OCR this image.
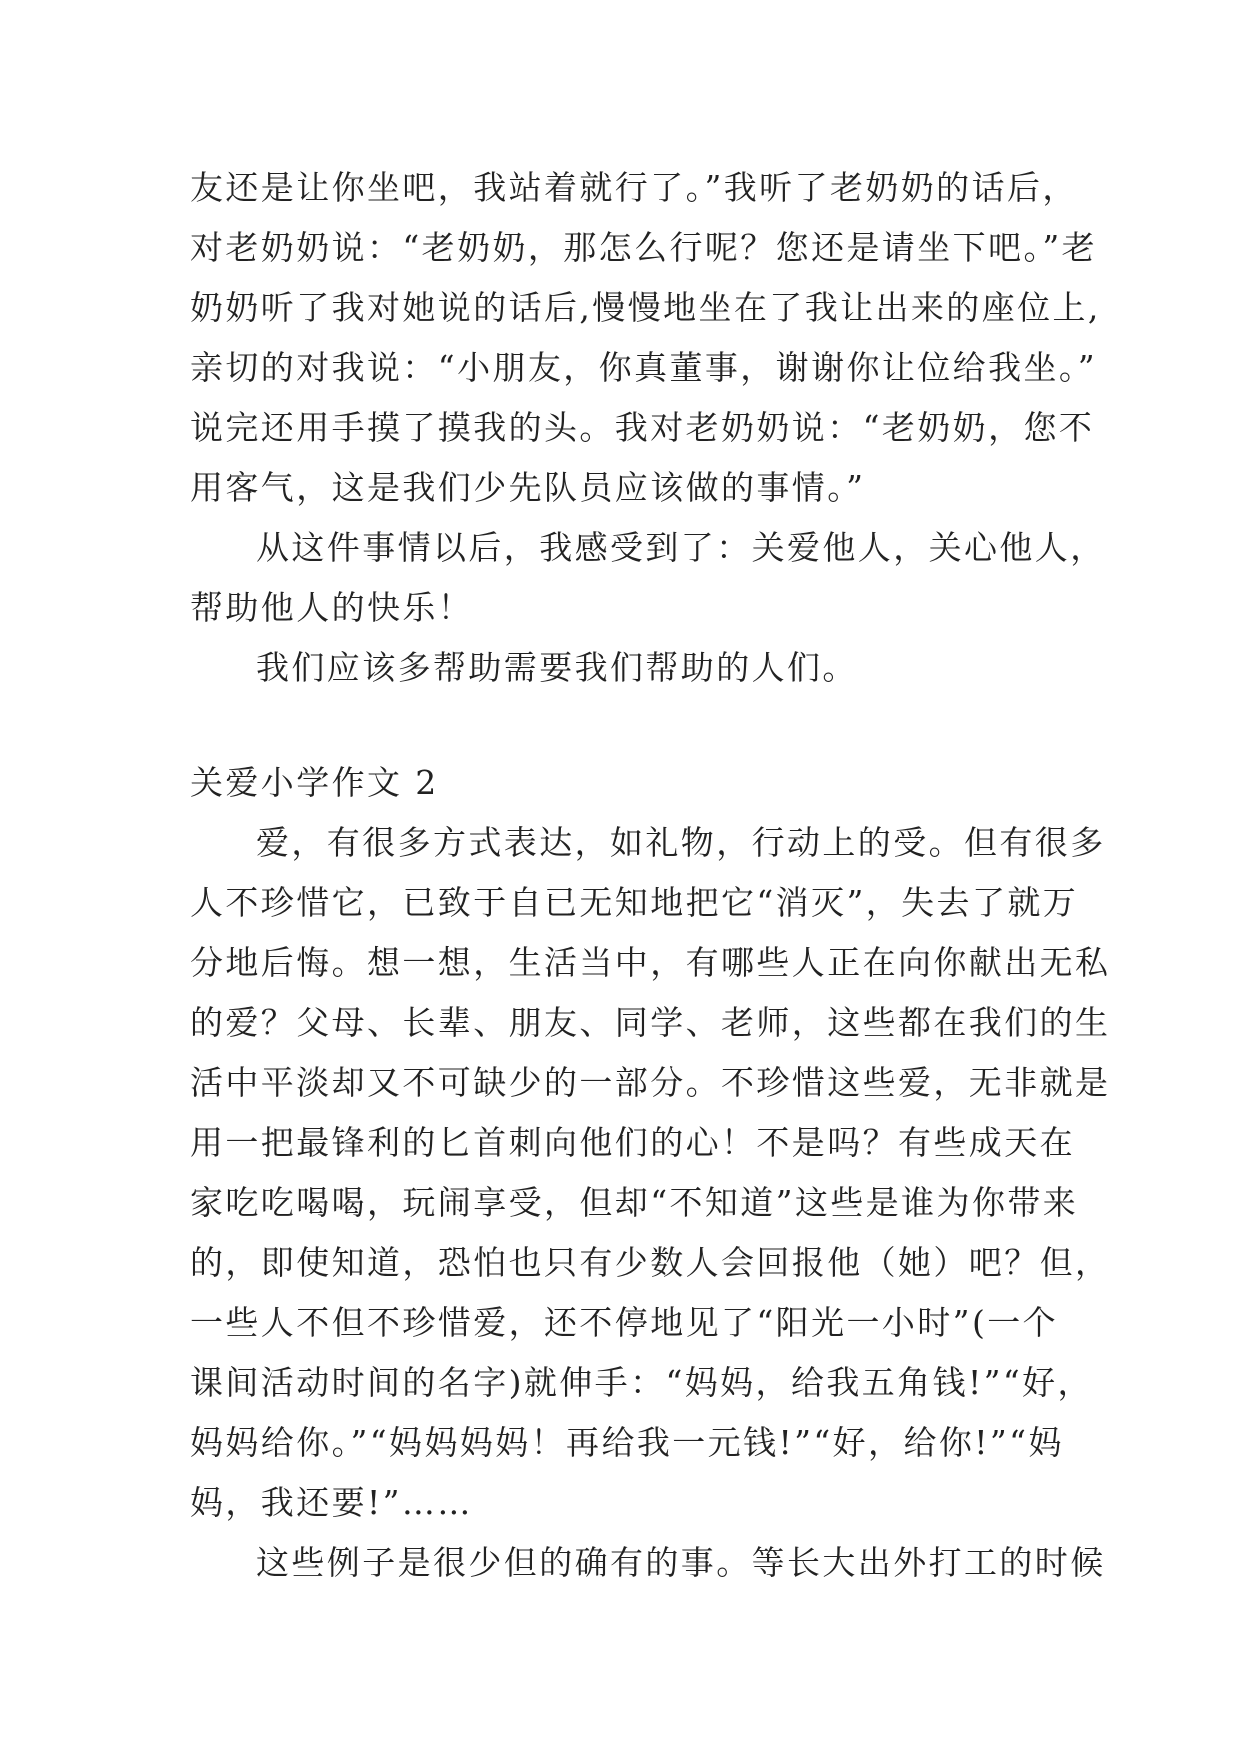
友还是让你坐吧，我站着就行了。”我听了老奶奶的话后，
对老奶奶说：“老奶奶，那怎么行呢？您还是请坐下吧。”老
奶奶听了我对她说的话后,慢慢地坐在了我让出来的座位上,
亲切的对我说：“小朋友，你真董事，谢谢你让位给我坐。”
说完还用手摸了摸我的头。我对老奶奶说：“老奶奶，您不
用客气，这是我们少先队员应该做的事情。”
从这件事情以后，我感受到了：关爱他人，关心他人，
帮助他人的快乐！
我们应该多帮助需要我们帮助的人们。
关爱小学作文 2
爱，有很多方式表达，如礼物，行动上的受。但有很多
人不珍惜它，已致于自已无知地把它“消灭”，失去了就万
分地后悔。想一想，生活当中，有哪些人正在向你献出无私
的爱？父母、长辈、朋友、同学、老师，这些都在我们的生
活中平淡却又不可缺少的一部分。不珍惜这些爱，无非就是
用一把最锋利的匕首刺向他们的心！不是吗？有些成天在
家吃吃喝喝，玩闹享受，但却“不知道”这些是谁为你带来
的，即使知道，恐怕也只有少数人会回报他（她）吧？但，
一些人不但不珍惜爱，还不停地见了“阳光一小时”(一个
课间活动时间的名字)就伸手：“妈妈，给我五角钱!”“好，
妈妈给你。”“妈妈妈妈！再给我一元钱!”“好，给你!”“妈
妈，我还要!”……
这些例子是很少但的确有的事。等长大出外打工的时候
